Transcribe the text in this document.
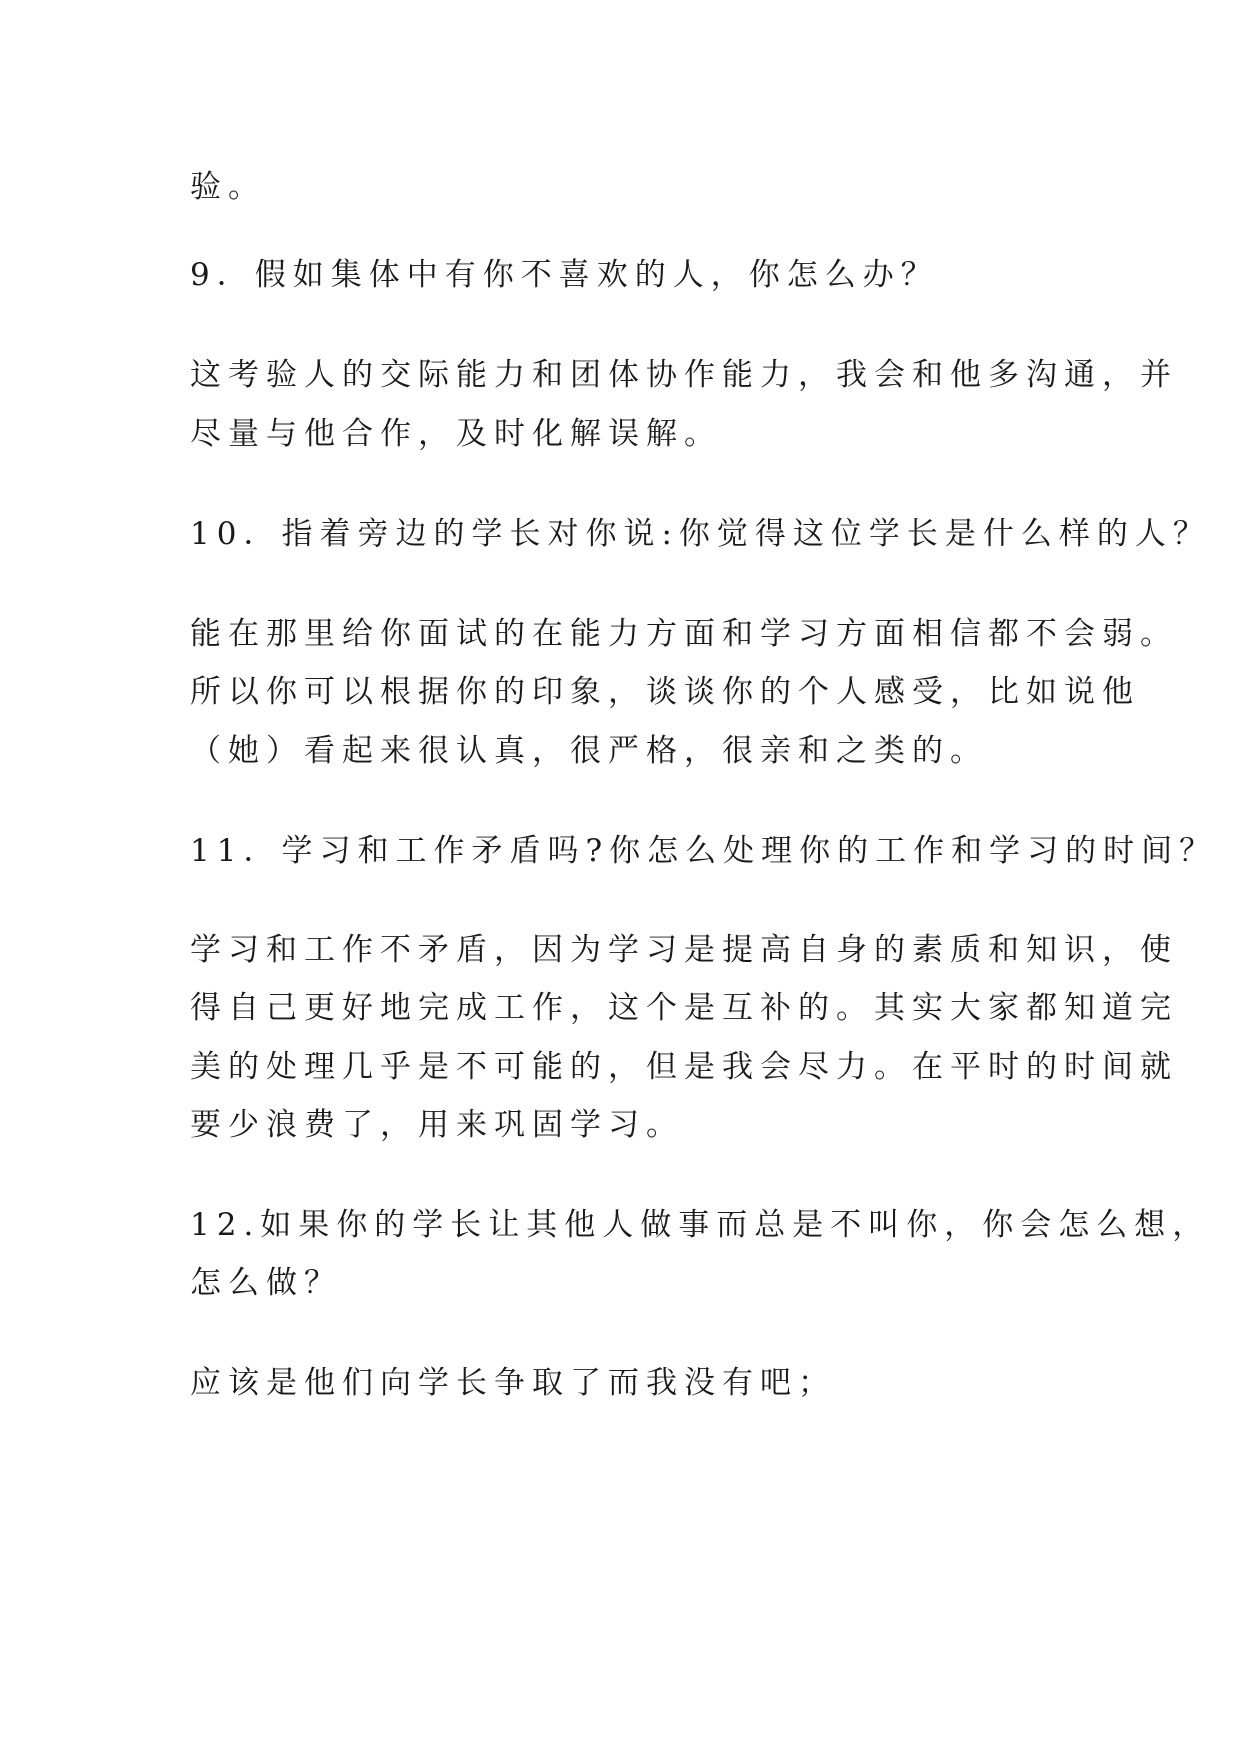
验。
9．假如集体中有你不喜欢的人，你怎么办？
这考验人的交际能力和团体协作能力，我会和他多沟通，并
尽量与他合作，及时化解误解。
10．指着旁边的学长对你说:你觉得这位学长是什么样的人？
能在那里给你面试的在能力方面和学习方面相信都不会弱。
所以你可以根据你的印象，谈谈你的个人感受，比如说他
（她）看起来很认真，很严格，很亲和之类的。
11．学习和工作矛盾吗?你怎么处理你的工作和学习的时间？
学习和工作不矛盾，因为学习是提高自身的素质和知识，使
得自己更好地完成工作，这个是互补的。其实大家都知道完
美的处理几乎是不可能的，但是我会尽力。在平时的时间就
要少浪费了，用来巩固学习。
12.如果你的学长让其他人做事而总是不叫你，你会怎么想，
怎么做？
应该是他们向学长争取了而我没有吧；
